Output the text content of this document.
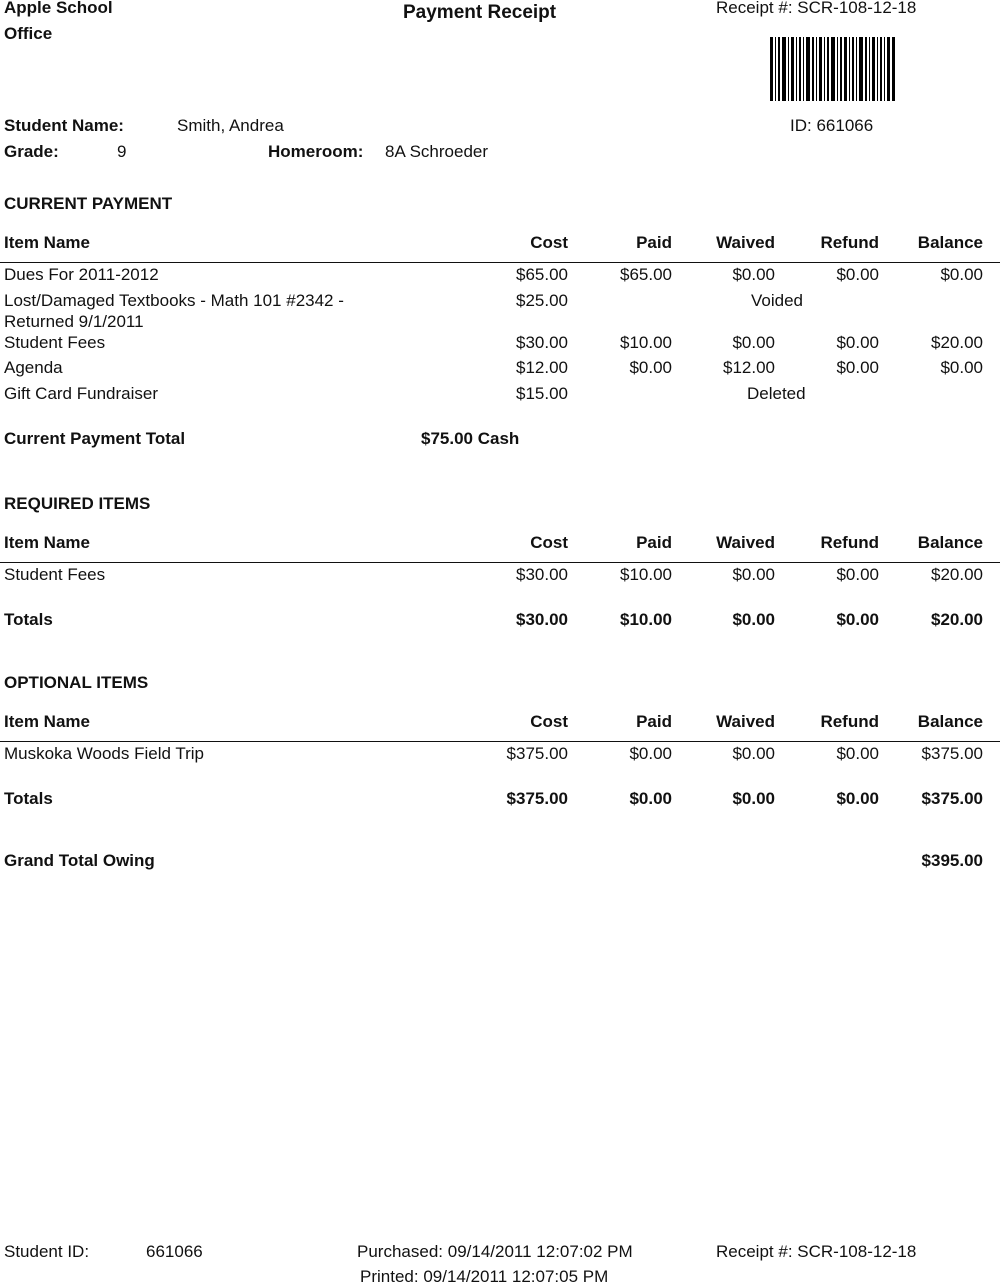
Apple School
Office
Payment Receipt	Receipt #: SCR-108-12-18
ID: 661066
Student Name:	Smith, Andrea
Grade:	9	Homeroom: 8A Schroeder
CURRENT PAYMENT
Item Name	Cost	Paid	Waived	Refund Balance
Dues For 2011-2012	$65.00	$65.00	$0.00	$0.00	$0.00
Lost/Damaged Textbooks - Math 101 #2342 -
Returned 9/1/2011
$25.00	Voided
Student Fees	$30.00	$10.00	$0.00	$0.00	$20.00
Agenda	$12.00	$0.00	$12.00	$0.00	$0.00
Gift Card Fundraiser	$15.00	Deleted
Current Payment Total	$75.00 Cash
REQUIRED ITEMS
Item Name	Cost	Paid	Waived	Refund Balance
Student Fees	$30.00	$10.00	$0.00	$0.00	$20.00
Totals	$30.00	$10.00	$0.00	$0.00	$20.00
OPTIONAL ITEMS
Item Name	Cost	Paid	Waived	Refund Balance
Muskoka Woods Field Trip	$375.00	$0.00	$0.00	$0.00	$375.00
Totals	$375.00	$0.00	$0.00	$0.00	$375.00
Grand Total Owing	$395.00
Student ID:	661066	Purchased: 09/14/2011 12:07:02 PM
Printed: 09/14/2011 12:07:05 PM
Receipt #: SCR-108-12-18
